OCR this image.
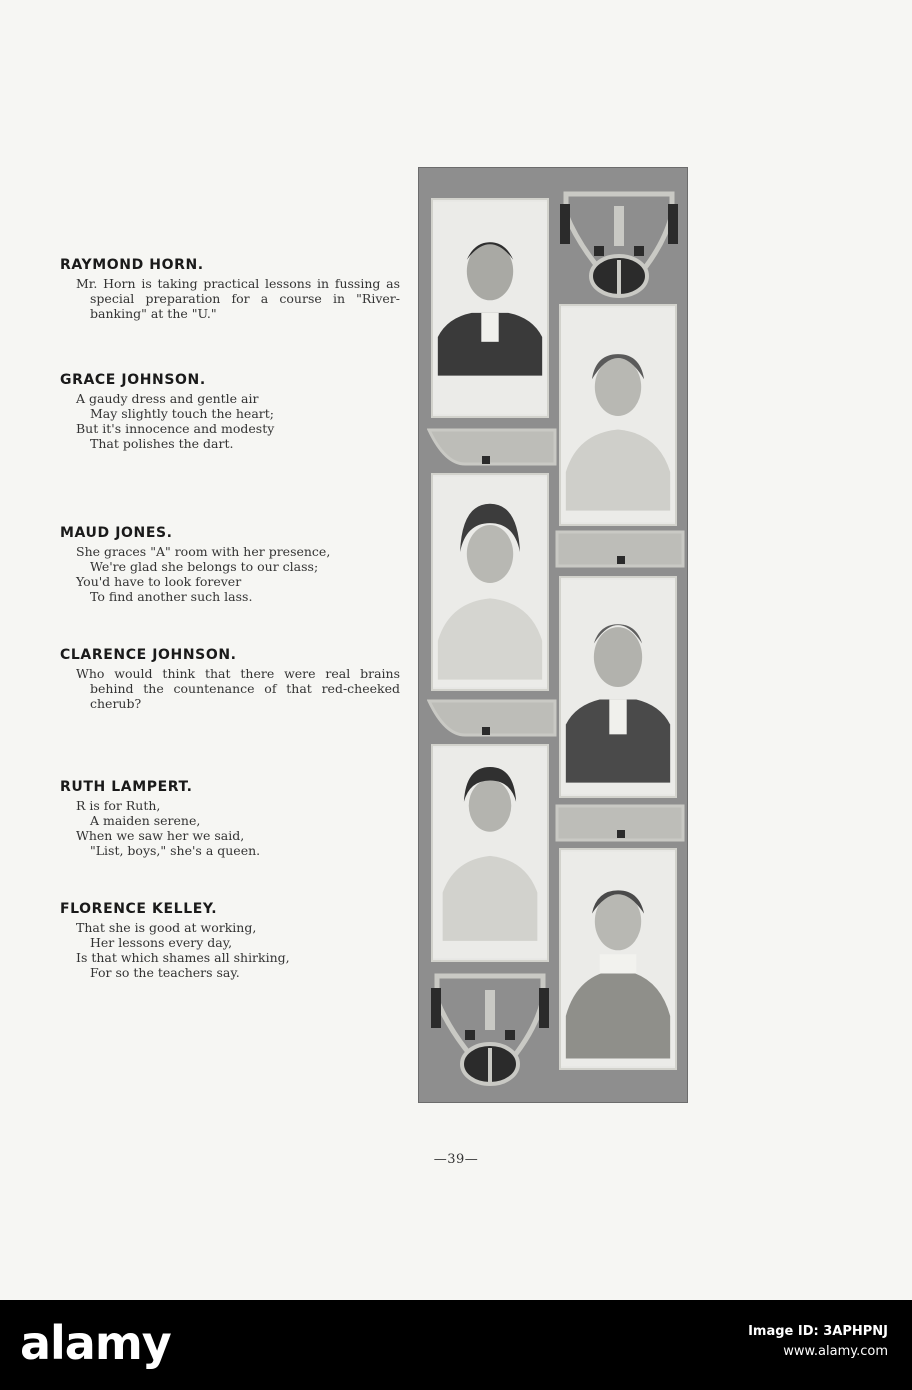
RAYMOND HORN.
Mr. Horn is taking practical lessons in fussing as special preparation for a course in "River-banking" at the "U."
GRACE JOHNSON.
A gaudy dress and gentle air
May slightly touch the heart;
But it's innocence and modesty
That polishes the dart.
MAUD JONES.
She graces "A" room with her presence,
We're glad she belongs to our class;
You'd have to look forever
To find another such lass.
CLARENCE JOHNSON.
Who would think that there were real brains behind the countenance of that red-cheeked cherub?
RUTH LAMPERT.
R is for Ruth,
A maiden serene,
When we saw her we said,
"List, boys," she's a queen.
FLORENCE KELLEY.
That she is good at working,
Her lessons every day,
Is that which shames all shirking,
For so the teachers say.
—39—
alamy	Image ID: 3APHPNJ
www.alamy.com
